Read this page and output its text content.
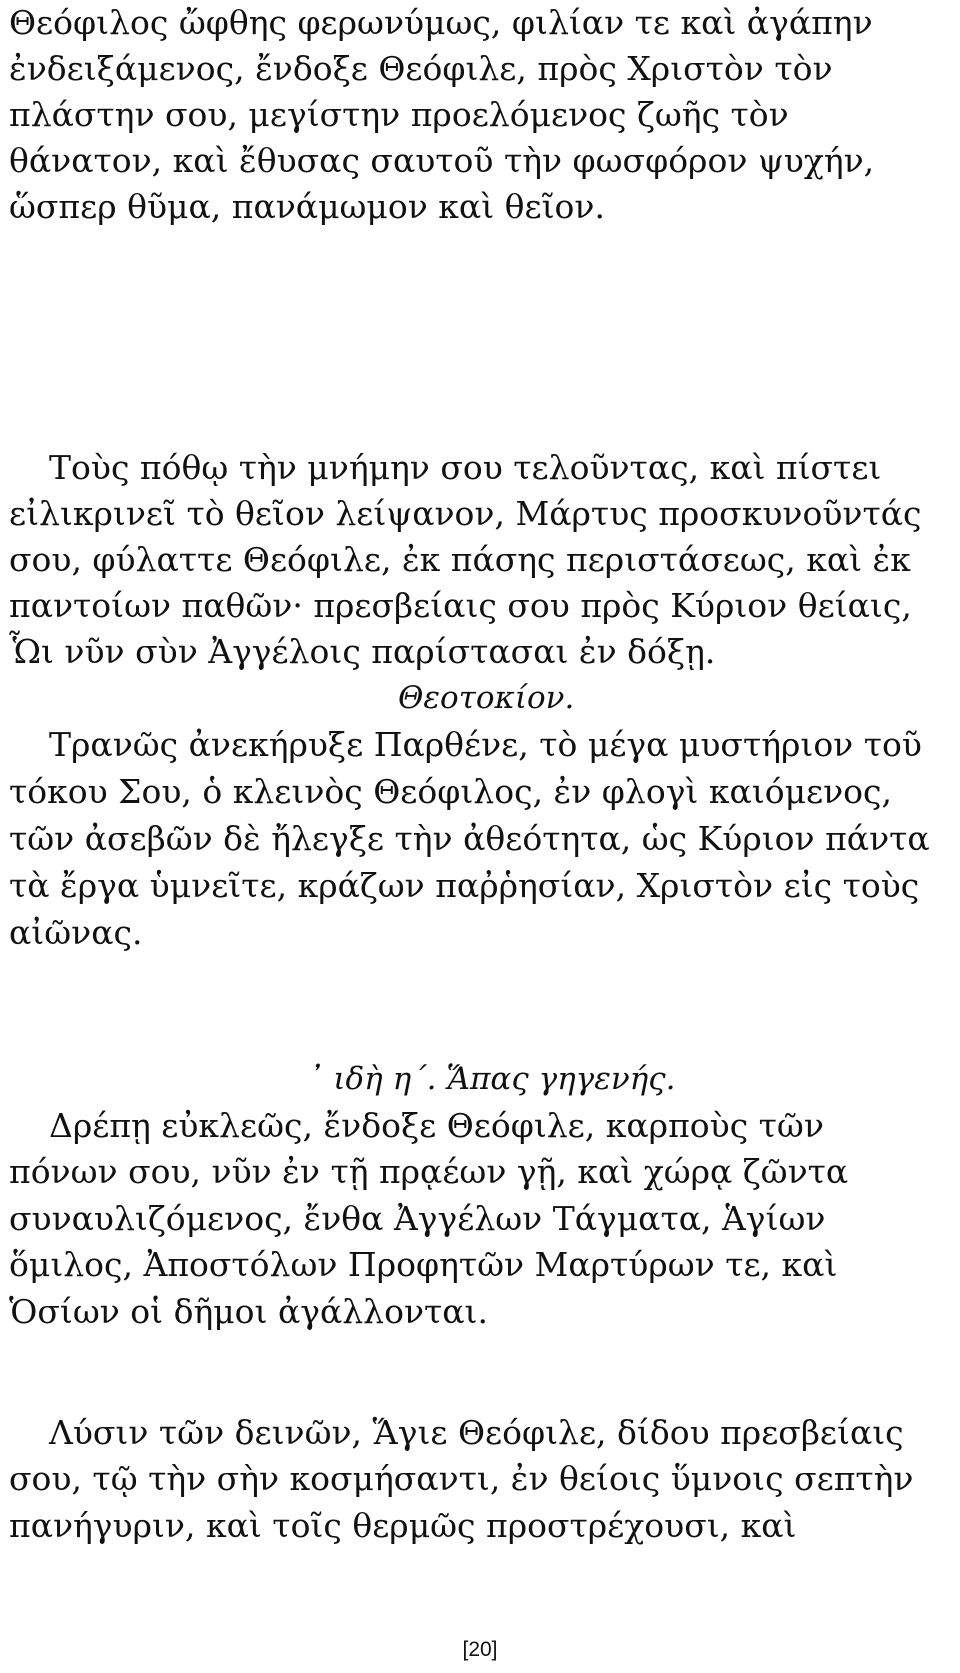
Θεόφιλος ὤφθης φερωνύμως, φιλίαν τε καὶ ἀγάπην
ἐνδειξάμενος, ἔνδοξε Θεόφιλε, πρὸς Χριστὸν τὸν
πλάστην σου, μεγίστην προελόμενος ζωῆς τὸν
θάνατον, καὶ ἔθυσας σαυτοῦ τὴν φωσφόρον ψυχήν,
ὥσπερ θῦμα, πανάμωμον καὶ θεῖον.
Τοὺς πόθῳ τὴν μνήμην σου τελοῦντας, καὶ πίστει
εἰλικρινεῖ τὸ θεῖον λείψανον, Μάρτυς προσκυνοῦντάς
σου, φύλαττε Θεόφιλε, ἐκ πάσης περιστάσεως, καὶ ἐκ
παντοίων παθῶν· πρεσβείαις σου πρὸς Κύριον θείαις,
Ὧι νῦν σὺν Ἀγγέλοις παρίστασαι ἐν δόξῃ.
Θεοτοκίον.
Τρανῶς ἀνεκήρυξε Παρθένε, τὸ μέγα μυστήριον τοῦ
τόκου Σου, ὁ κλεινὸς Θεόφιλος, ἐν φλογὶ καιόμενος,
τῶν ἀσεβῶν δὲ ἤλεγξε τὴν ἀθεότητα, ὡς Κύριον πάντα
τὰ ἔργα ὑμνεῖτε, κράζων παῤῥησίαν, Χριστὸν εἰς τοὺς
αἰῶνας.
᾿ ιδὴ η΄. Ἅπας γηγενής.
Δρέπῃ εὐκλεῶς, ἔνδοξε Θεόφιλε, καρποὺς τῶν
πόνων σου, νῦν ἐν τῇ πρᾳέων γῇ, καὶ χώρᾳ ζῶντα
συναυλιζόμενος, ἔνθα Ἀγγέλων Τάγματα, Ἁγίων
ὅμιλος, Ἀποστόλων Προφητῶν Μαρτύρων τε, καὶ
Ὁσίων οἱ δῆμοι ἀγάλλονται.
Λύσιν τῶν δεινῶν, Ἅγιε Θεόφιλε, δίδου πρεσβείαις
σου, τῷ τὴν σὴν κοσμήσαντι, ἐν θείοις ὕμνοις σεπτὴν
πανήγυριν, καὶ τοῖς θερμῶς προστρέχουσι, καὶ
[20]
